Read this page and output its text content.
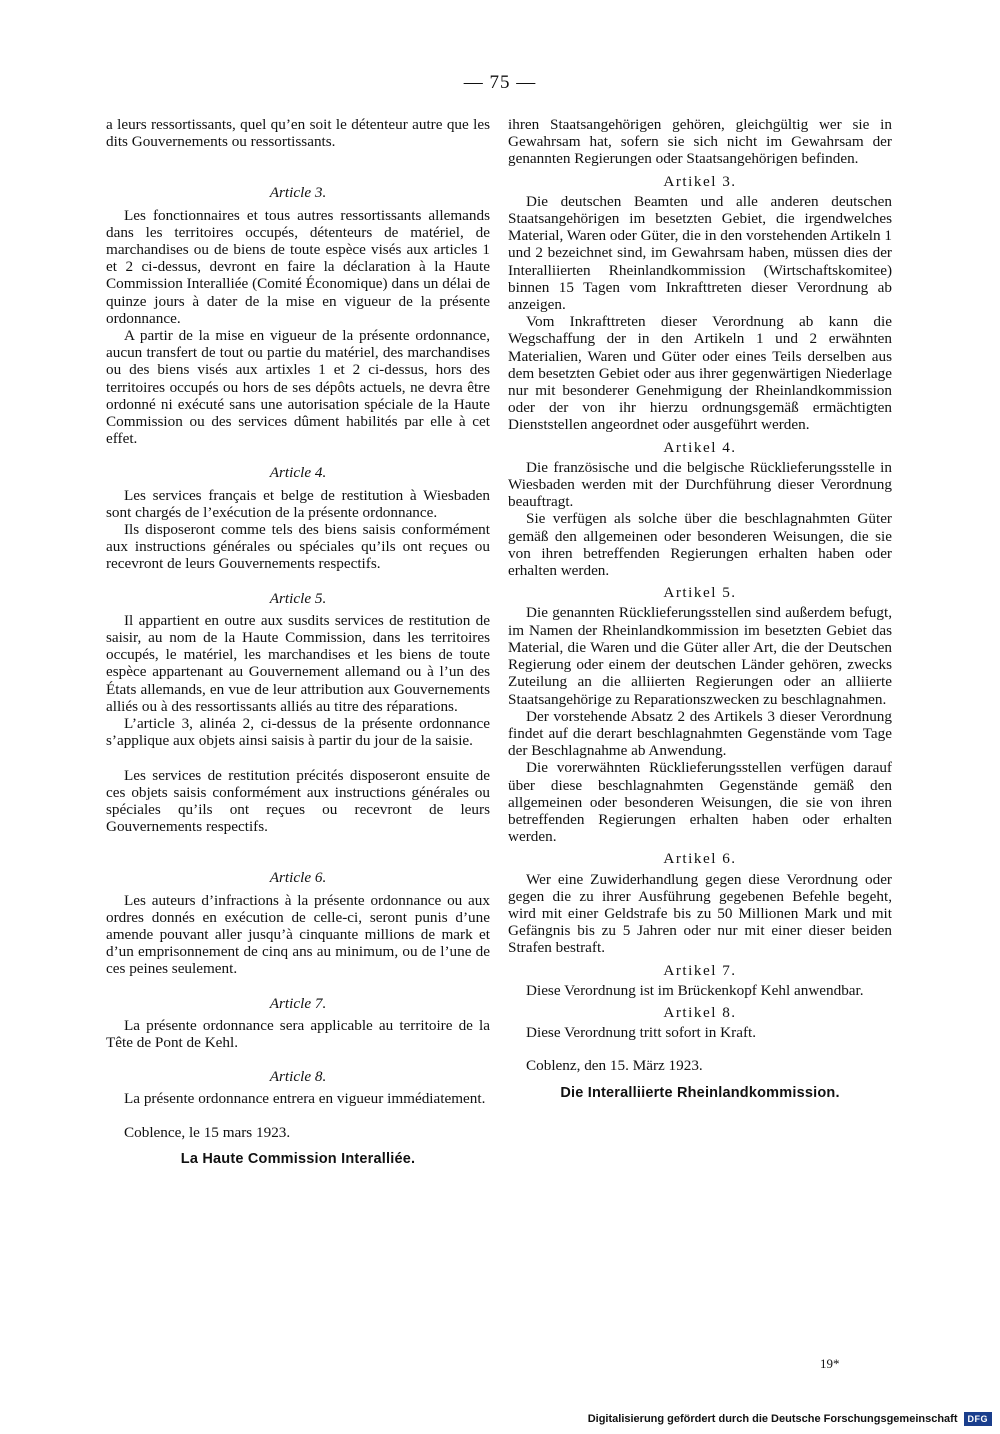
— 75 —

a leurs ressortissants, quel qu’en soit le détenteur autre que les dits Gouvernements ou ressortissants.

Article 3.

Les fonctionnaires et tous autres ressortissants allemands dans les territoires occupés, détenteurs de matériel, de marchandises ou de biens de toute espèce visés aux articles 1 et 2 ci-dessus, devront en faire la déclaration à la Haute Commission Interalliée (Comité Économique) dans un délai de quinze jours à dater de la mise en vigueur de la présente ordonnance.

A partir de la mise en vigueur de la présente ordonnance, aucun transfert de tout ou partie du matériel, des marchandises ou des biens visés aux artixles 1 et 2 ci-dessus, hors des territoires occupés ou hors de ses dépôts actuels, ne devra être ordonné ni exécuté sans une autorisation spéciale de la Haute Commission ou des services dûment habilités par elle à cet effet.

Article 4.

Les services français et belge de restitution à Wiesbaden sont chargés de l’exécution de la présente ordonnance.

Ils disposeront comme tels des biens saisis conformément aux instructions générales ou spéciales qu’ils ont reçues ou recevront de leurs Gouvernements respectifs.

Article 5.

Il appartient en outre aux susdits services de restitution de saisir, au nom de la Haute Commission, dans les territoires occupés, le matériel, les marchandises et les biens de toute espèce appartenant au Gouvernement allemand ou à l’un des États allemands, en vue de leur attribution aux Gouvernements alliés ou à des ressortissants alliés au titre des réparations.

L’article 3, alinéa 2, ci-dessus de la présente ordonnance s’applique aux objets ainsi saisis à partir du jour de la saisie.

Les services de restitution précités disposeront ensuite de ces objets saisis conformément aux instructions générales ou spéciales qu’ils ont reçues ou recevront de leurs Gouvernements respectifs.

Article 6.

Les auteurs d’infractions à la présente ordonnance ou aux ordres donnés en exécution de celle-ci, seront punis d’une amende pouvant aller jusqu’à cinquante millions de mark et d’un emprisonnement de cinq ans au minimum, ou de l’une de ces peines seulement.

Article 7.

La présente ordonnance sera applicable au territoire de la Tête de Pont de Kehl.

Article 8.

La présente ordonnance entrera en vigueur immédiatement.

Coblence, le 15 mars 1923.
La Haute Commission Interalliée.

ihren Staatsangehörigen gehören, gleichgültig wer sie in Gewahrsam hat, sofern sie sich nicht im Gewahrsam der genannten Regierungen oder Staatsangehörigen befinden.

Artikel 3.

Die deutschen Beamten und alle anderen deutschen Staatsangehörigen im besetzten Gebiet, die irgendwelches Material, Waren oder Güter, die in den vorstehenden Artikeln 1 und 2 bezeichnet sind, im Gewahrsam haben, müssen dies der Interalliierten Rheinlandkommission (Wirtschaftskomitee) binnen 15 Tagen vom Inkrafttreten dieser Verordnung ab anzeigen.

Vom Inkrafttreten dieser Verordnung ab kann die Wegschaffung der in den Artikeln 1 und 2 erwähnten Materialien, Waren und Güter oder eines Teils derselben aus dem besetzten Gebiet oder aus ihrer gegenwärtigen Niederlage nur mit besonderer Genehmigung der Rheinlandkommission oder der von ihr hierzu ordnungsgemäß ermächtigten Dienststellen angeordnet oder ausgeführt werden.

Artikel 4.

Die französische und die belgische Rücklieferungsstelle in Wiesbaden werden mit der Durchführung dieser Verordnung beauftragt.

Sie verfügen als solche über die beschlagnahmten Güter gemäß den allgemeinen oder besonderen Weisungen, die sie von ihren betreffenden Regierungen erhalten haben oder erhalten werden.

Artikel 5.

Die genannten Rücklieferungsstellen sind außerdem befugt, im Namen der Rheinlandkommission im besetzten Gebiet das Material, die Waren und die Güter aller Art, die der Deutschen Regierung oder einem der deutschen Länder gehören, zwecks Zuteilung an die alliierten Regierungen oder an alliierte Staatsangehörige zu Reparationszwecken zu beschlagnahmen.

Der vorstehende Absatz 2 des Artikels 3 dieser Verordnung findet auf die derart beschlagnahmten Gegenstände vom Tage der Beschlagnahme ab Anwendung.

Die vorerwähnten Rücklieferungsstellen verfügen darauf über diese beschlagnahmten Gegenstände gemäß den allgemeinen oder besonderen Weisungen, die sie von ihren betreffenden Regierungen erhalten haben oder erhalten werden.

Artikel 6.

Wer eine Zuwiderhandlung gegen diese Verordnung oder gegen die zu ihrer Ausführung gegebenen Befehle begeht, wird mit einer Geldstrafe bis zu 50 Millionen Mark und mit Gefängnis bis zu 5 Jahren oder nur mit einer dieser beiden Strafen bestraft.

Artikel 7.

Diese Verordnung ist im Brückenkopf Kehl anwendbar.

Artikel 8.

Diese Verordnung tritt sofort in Kraft.

Coblenz, den 15. März 1923.
Die Interalliierte Rheinlandkommission.
19*
Digitalisierung gefördert durch die Deutsche Forschungsgemeinschaft	DFG
